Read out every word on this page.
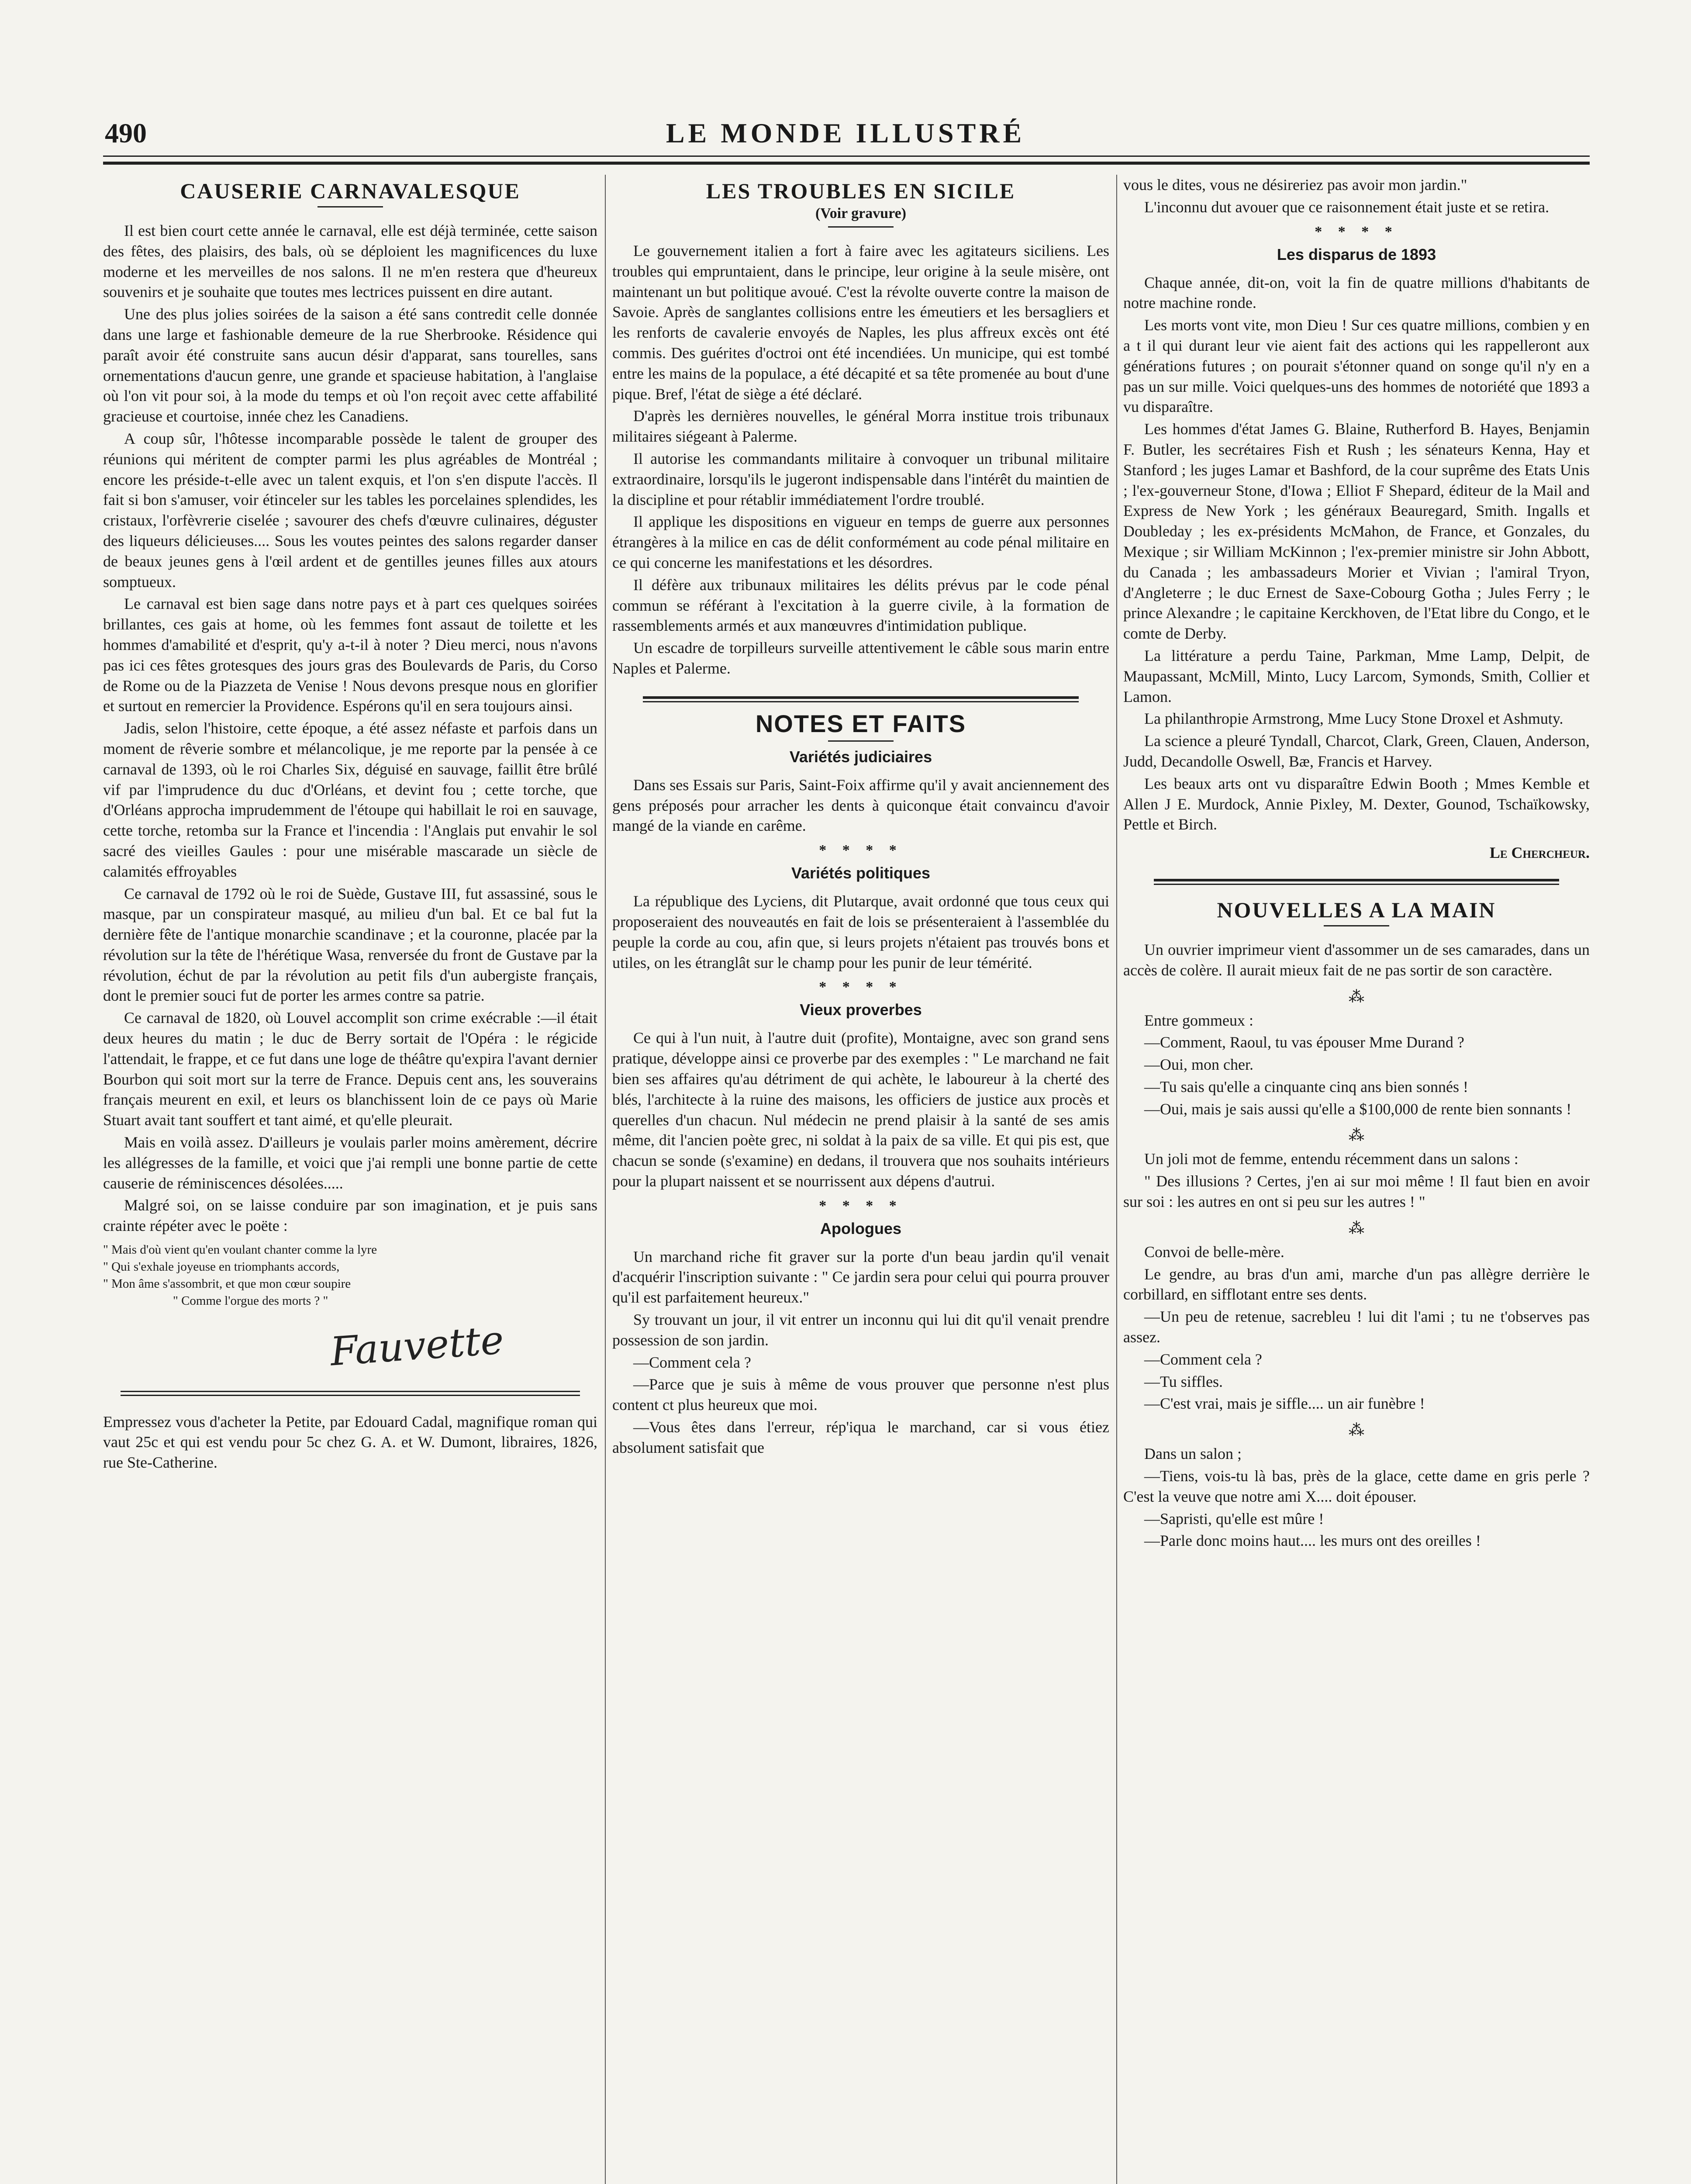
490	LE MONDE ILLUSTRÉ
CAUSERIE CARNAVALESQUE

Il est bien court cette année le carnaval, elle est déjà terminée, cette saison des fêtes, des plaisirs, des bals, où se déploient les magnificences du luxe moderne et les merveilles de nos salons. Il ne m'en restera que d'heureux souvenirs et je souhaite que toutes mes lectrices puissent en dire autant.

Une des plus jolies soirées de la saison a été sans contredit celle donnée dans une large et fashionable demeure de la rue Sherbrooke. Résidence qui paraît avoir été construite sans aucun désir d'apparat, sans tourelles, sans ornementations d'aucun genre, une grande et spacieuse habitation, à l'anglaise où l'on vit pour soi, à la mode du temps et où l'on reçoit avec cette affabilité gracieuse et courtoise, innée chez les Canadiens.

A coup sûr, l'hôtesse incomparable possède le talent de grouper des réunions qui méritent de compter parmi les plus agréables de Montréal ; encore les préside-t-elle avec un talent exquis, et l'on s'en dispute l'accès. Il fait si bon s'amuser, voir étinceler sur les tables les porcelaines splendides, les cristaux, l'orfèvrerie ciselée ; savourer des chefs d'œuvre culinaires, déguster des liqueurs délicieuses.... Sous les voutes peintes des salons regarder danser de beaux jeunes gens à l'œil ardent et de gentilles jeunes filles aux atours somptueux.

Le carnaval est bien sage dans notre pays et à part ces quelques soirées brillantes, ces gais at home, où les femmes font assaut de toilette et les hommes d'amabilité et d'esprit, qu'y a-t-il à noter ? Dieu merci, nous n'avons pas ici ces fêtes grotesques des jours gras des Boulevards de Paris, du Corso de Rome ou de la Piazzeta de Venise ! Nous devons presque nous en glorifier et surtout en remercier la Providence. Espérons qu'il en sera toujours ainsi.

Jadis, selon l'histoire, cette époque, a été assez néfaste et parfois dans un moment de rêverie sombre et mélancolique, je me reporte par la pensée à ce carnaval de 1393, où le roi Charles Six, déguisé en sauvage, faillit être brûlé vif par l'imprudence du duc d'Orléans, et devint fou ; cette torche, que d'Orléans approcha imprudemment de l'étoupe qui habillait le roi en sauvage, cette torche, retomba sur la France et l'incendia : l'Anglais put envahir le sol sacré des vieilles Gaules : pour une misérable mascarade un siècle de calamités effroyables

Ce carnaval de 1792 où le roi de Suède, Gustave III, fut assassiné, sous le masque, par un conspirateur masqué, au milieu d'un bal. Et ce bal fut la dernière fête de l'antique monarchie scandinave ; et la couronne, placée par la révolution sur la tête de l'hérétique Wasa, renversée du front de Gustave par la révolution, échut de par la révolution au petit fils d'un aubergiste français, dont le premier souci fut de porter les armes contre sa patrie.

Ce carnaval de 1820, où Louvel accomplit son crime exécrable :—il était deux heures du matin ; le duc de Berry sortait de l'Opéra : le régicide l'attendait, le frappe, et ce fut dans une loge de théâtre qu'expira l'avant dernier Bourbon qui soit mort sur la terre de France. Depuis cent ans, les souverains français meurent en exil, et leurs os blanchissent loin de ce pays où Marie Stuart avait tant souffert et tant aimé, et qu'elle pleurait.

Mais en voilà assez. D'ailleurs je voulais parler moins amèrement, décrire les allégresses de la famille, et voici que j'ai rempli une bonne partie de cette causerie de réminiscences désolées.....

Malgré soi, on se laisse conduire par son imagination, et je puis sans crainte répéter avec le poëte :

" Mais d'où vient qu'en voulant chanter comme la lyre
" Qui s'exhale joyeuse en triomphants accords,
" Mon âme s'assombrit, et que mon cœur soupire
" Comme l'orgue des morts ? "
Fauvette

Empressez vous d'acheter la Petite, par Edouard Cadal, magnifique roman qui vaut 25c et qui est vendu pour 5c chez G. A. et W. Dumont, libraires, 1826, rue Ste-Catherine.

LES TROUBLES EN SICILE
(Voir gravure)

Le gouvernement italien a fort à faire avec les agitateurs siciliens. Les troubles qui empruntaient, dans le principe, leur origine à la seule misère, ont maintenant un but politique avoué. C'est la révolte ouverte contre la maison de Savoie. Après de sanglantes collisions entre les émeutiers et les bersagliers et les renforts de cavalerie envoyés de Naples, les plus affreux excès ont été commis. Des guérites d'octroi ont été incendiées. Un municipe, qui est tombé entre les mains de la populace, a été décapité et sa tête promenée au bout d'une pique. Bref, l'état de siège a été déclaré.

D'après les dernières nouvelles, le général Morra institue trois tribunaux militaires siégeant à Palerme.

Il autorise les commandants militaire à convoquer un tribunal militaire extraordinaire, lorsqu'ils le jugeront indispensable dans l'intérêt du maintien de la discipline et pour rétablir immédiatement l'ordre troublé.

Il applique les dispositions en vigueur en temps de guerre aux personnes étrangères à la milice en cas de délit conformément au code pénal militaire en ce qui concerne les manifestations et les désordres.

Il défère aux tribunaux militaires les délits prévus par le code pénal commun se référant à l'excitation à la guerre civile, à la formation de rassemblements armés et aux manœuvres d'intimidation publique.

Un escadre de torpilleurs surveille attentivement le câble sous marin entre Naples et Palerme.

NOTES ET FAITS
Variétés judiciaires

Dans ses Essais sur Paris, Saint-Foix affirme qu'il y avait anciennement des gens préposés pour arracher les dents à quiconque était convaincu d'avoir mangé de la viande en carême.

* * * *
Variétés politiques

La république des Lyciens, dit Plutarque, avait ordonné que tous ceux qui proposeraient des nouveautés en fait de lois se présenteraient à l'assemblée du peuple la corde au cou, afin que, si leurs projets n'étaient pas trouvés bons et utiles, on les étranglât sur le champ pour les punir de leur témérité.

* * * *
Vieux proverbes

Ce qui à l'un nuit, à l'autre duit (profite), Montaigne, avec son grand sens pratique, développe ainsi ce proverbe par des exemples : " Le marchand ne fait bien ses affaires qu'au détriment de qui achète, le laboureur à la cherté des blés, l'architecte à la ruine des maisons, les officiers de justice aux procès et querelles d'un chacun. Nul médecin ne prend plaisir à la santé de ses amis même, dit l'ancien poète grec, ni soldat à la paix de sa ville. Et qui pis est, que chacun se sonde (s'examine) en dedans, il trouvera que nos souhaits intérieurs pour la plupart naissent et se nourrissent aux dépens d'autrui.

* * * *
Apologues

Un marchand riche fit graver sur la porte d'un beau jardin qu'il venait d'acquérir l'inscription suivante : " Ce jardin sera pour celui qui pourra prouver qu'il est parfaitement heureux."

Sy trouvant un jour, il vit entrer un inconnu qui lui dit qu'il venait prendre possession de son jardin.

—Comment cela ?

—Parce que je suis à même de vous prouver que personne n'est plus content ct plus heureux que moi.

—Vous êtes dans l'erreur, rép'iqua le marchand, car si vous étiez absolument satisfait que

vous le dites, vous ne désireriez pas avoir mon jardin."

L'inconnu dut avouer que ce raisonnement était juste et se retira.

* * * *
Les disparus de 1893

Chaque année, dit-on, voit la fin de quatre millions d'habitants de notre machine ronde.

Les morts vont vite, mon Dieu ! Sur ces quatre millions, combien y en a t il qui durant leur vie aient fait des actions qui les rappelleront aux générations futures ; on pourait s'étonner quand on songe qu'il n'y en a pas un sur mille. Voici quelques-uns des hommes de notoriété que 1893 a vu disparaître.

Les hommes d'état James G. Blaine, Rutherford B. Hayes, Benjamin F. Butler, les secrétaires Fish et Rush ; les sénateurs Kenna, Hay et Stanford ; les juges Lamar et Bashford, de la cour suprême des Etats Unis ; l'ex-gouverneur Stone, d'Iowa ; Elliot F Shepard, éditeur de la Mail and Express de New York ; les généraux Beauregard, Smith. Ingalls et Doubleday ; les ex-présidents McMahon, de France, et Gonzales, du Mexique ; sir William McKinnon ; l'ex-premier ministre sir John Abbott, du Canada ; les ambassadeurs Morier et Vivian ; l'amiral Tryon, d'Angleterre ; le duc Ernest de Saxe-Cobourg Gotha ; Jules Ferry ; le prince Alexandre ; le capitaine Kerckhoven, de l'Etat libre du Congo, et le comte de Derby.

La littérature a perdu Taine, Parkman, Mme Lamp, Delpit, de Maupassant, McMill, Minto, Lucy Larcom, Symonds, Smith, Collier et Lamon.

La philanthropie Armstrong, Mme Lucy Stone Droxel et Ashmuty.

La science a pleuré Tyndall, Charcot, Clark, Green, Clauen, Anderson, Judd, Decandolle Oswell, Bæ, Francis et Harvey.

Les beaux arts ont vu disparaître Edwin Booth ; Mmes Kemble et Allen J E. Murdock, Annie Pixley, M. Dexter, Gounod, Tschaïkowsky, Pettle et Birch.

Le Chercheur.

NOUVELLES A LA MAIN

Un ouvrier imprimeur vient d'assommer un de ses camarades, dans un accès de colère. Il aurait mieux fait de ne pas sortir de son caractère.

⁂

Entre gommeux :

—Comment, Raoul, tu vas épouser Mme Durand ?

—Oui, mon cher.

—Tu sais qu'elle a cinquante cinq ans bien sonnés !

—Oui, mais je sais aussi qu'elle a $100,000 de rente bien sonnants !

⁂

Un joli mot de femme, entendu récemment dans un salons :

" Des illusions ? Certes, j'en ai sur moi même ! Il faut bien en avoir sur soi : les autres en ont si peu sur les autres ! "

⁂

Convoi de belle-mère.

Le gendre, au bras d'un ami, marche d'un pas allègre derrière le corbillard, en sifflotant entre ses dents.

—Un peu de retenue, sacrebleu ! lui dit l'ami ; tu ne t'observes pas assez.

—Comment cela ?

—Tu siffles.

—C'est vrai, mais je siffle.... un air funèbre !

⁂

Dans un salon ;

—Tiens, vois-tu là bas, près de la glace, cette dame en gris perle ? C'est la veuve que notre ami X.... doit épouser.

—Sapristi, qu'elle est mûre !

—Parle donc moins haut.... les murs ont des oreilles !
